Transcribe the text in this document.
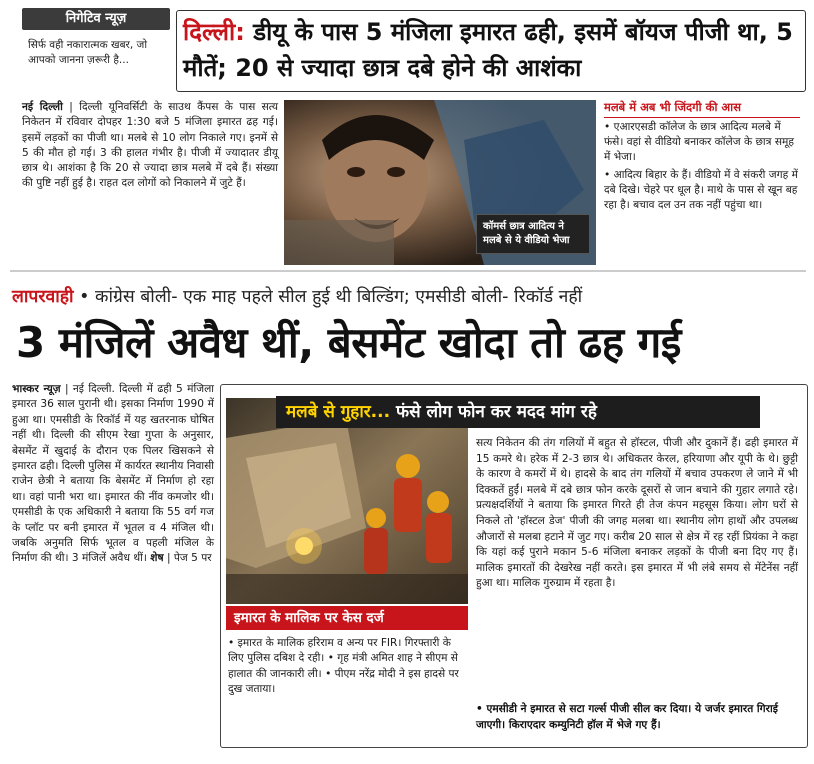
निगेटिव न्यूज़
सिर्फ वही नकारात्मक खबर, जो आपको जानना ज़रूरी है...
दिल्ली: डीयू के पास 5 मंजिला इमारत ढही, इसमें बॉयज पीजी था, 5 मौतें; 20 से ज्यादा छात्र दबे होने की आशंका
नई दिल्ली | दिल्ली यूनिवर्सिटी के साउथ कैंपस के पास सत्य निकेतन में रविवार दोपहर 1:30 बजे 5 मंजिला इमारत ढह गई। इसमें लड़कों का पीजी था। मलबे से 10 लोग निकाले गए। इनमें से 5 की मौत हो गई। 3 की हालत गंभीर है। पीजी में ज्यादातर डीयू छात्र थे। आशंका है कि 20 से ज्यादा छात्र मलबे में दबे हैं। संख्या की पुष्टि नहीं हुई है। राहत दल लोगों को निकालने में जुटे हैं।
कॉमर्स छात्र आदित्य ने मलबे से ये वीडियो भेजा
मलबे में अब भी जिंदगी की आस

• एआरएसडी कॉलेज के छात्र आदित्य मलबे में फंसे। वहां से वीडियो बनाकर कॉलेज के छात्र समूह में भेजा।

• आदित्य बिहार के हैं। वीडियो में वे संकरी जगह में दबे दिखे। चेहरे पर धूल है। माथे के पास से खून बह रहा है। बचाव दल उन तक नहीं पहुंचा था।

लापरवाही • कांग्रेस बोली- एक माह पहले सील हुई थी बिल्डिंग; एमसीडी बोली- रिकॉर्ड नहीं
3 मंजिलें अवैध थीं, बेसमेंट खोदा तो ढह गई
भास्कर न्यूज़ | नई दिल्ली. दिल्ली में ढही 5 मंजिला इमारत 36 साल पुरानी थी। इसका निर्माण 1990 में हुआ था। एमसीडी के रिकॉर्ड में यह खतरनाक घोषित नहीं थी। दिल्ली की सीएम रेखा गुप्ता के अनुसार, बेसमेंट में खुदाई के दौरान एक पिलर खिसकने से इमारत ढही। दिल्ली पुलिस में कार्यरत स्थानीय निवासी राजेन छेत्री ने बताया कि बेसमेंट में निर्माण हो रहा था। वहां पानी भरा था। इमारत की नींव कमजोर थी। एमसीडी के एक अधिकारी ने बताया कि 55 वर्ग गज के प्लॉट पर बनी इमारत में भूतल व 4 मंजिल थी। जबकि अनुमति सिर्फ भूतल व पहली मंजिल के निर्माण की थी। 3 मंजिलें अवैध थीं। शेष | पेज 5 पर
मलबे से गुहार... फंसे लोग फोन कर मदद मांग रहे
इमारत के मालिक पर केस दर्ज

• इमारत के मालिक हरिराम व अन्य पर FIR। गिरफ्तारी के लिए पुलिस दबिश दे रही। • गृह मंत्री अमित शाह ने सीएम से हालात की जानकारी ली। • पीएम नरेंद्र मोदी ने इस हादसे पर दुख जताया।

सत्य निकेतन की तंग गलियों में बहुत से हॉस्टल, पीजी और दुकानें हैं। ढही इमारत में 15 कमरे थे। हरेक में 2-3 छात्र थे। अधिकतर केरल, हरियाणा और यूपी के थे। छुट्टी के कारण वे कमरों में थे। हादसे के बाद तंग गलियों में बचाव उपकरण ले जाने में भी दिक्कतें हुईं। मलबे में दबे छात्र फोन करके दूसरों से जान बचाने की गुहार लगाते रहे। प्रत्यक्षदर्शियों ने बताया कि इमारत गिरते ही तेज कंपन महसूस किया। लोग घरों से निकले तो 'हॉस्टल डेज' पीजी की जगह मलबा था। स्थानीय लोग हाथों और उपलब्ध औजारों से मलबा हटाने में जुट गए। करीब 20 साल से क्षेत्र में रह रहीं प्रियंका ने कहा कि यहां कई पुराने मकान 5-6 मंजिला बनाकर लड़कों के पीजी बना दिए गए हैं। मालिक इमारतों की देखरेख नहीं करते। इस इमारत में भी लंबे समय से मेंटेनेंस नहीं हुआ था। मालिक गुरुग्राम में रहता है।
• एमसीडी ने इमारत से सटा गर्ल्स पीजी सील कर दिया। ये जर्जर इमारत गिराई जाएगी। किराएदार कम्युनिटी हॉल में भेजे गए हैं।
